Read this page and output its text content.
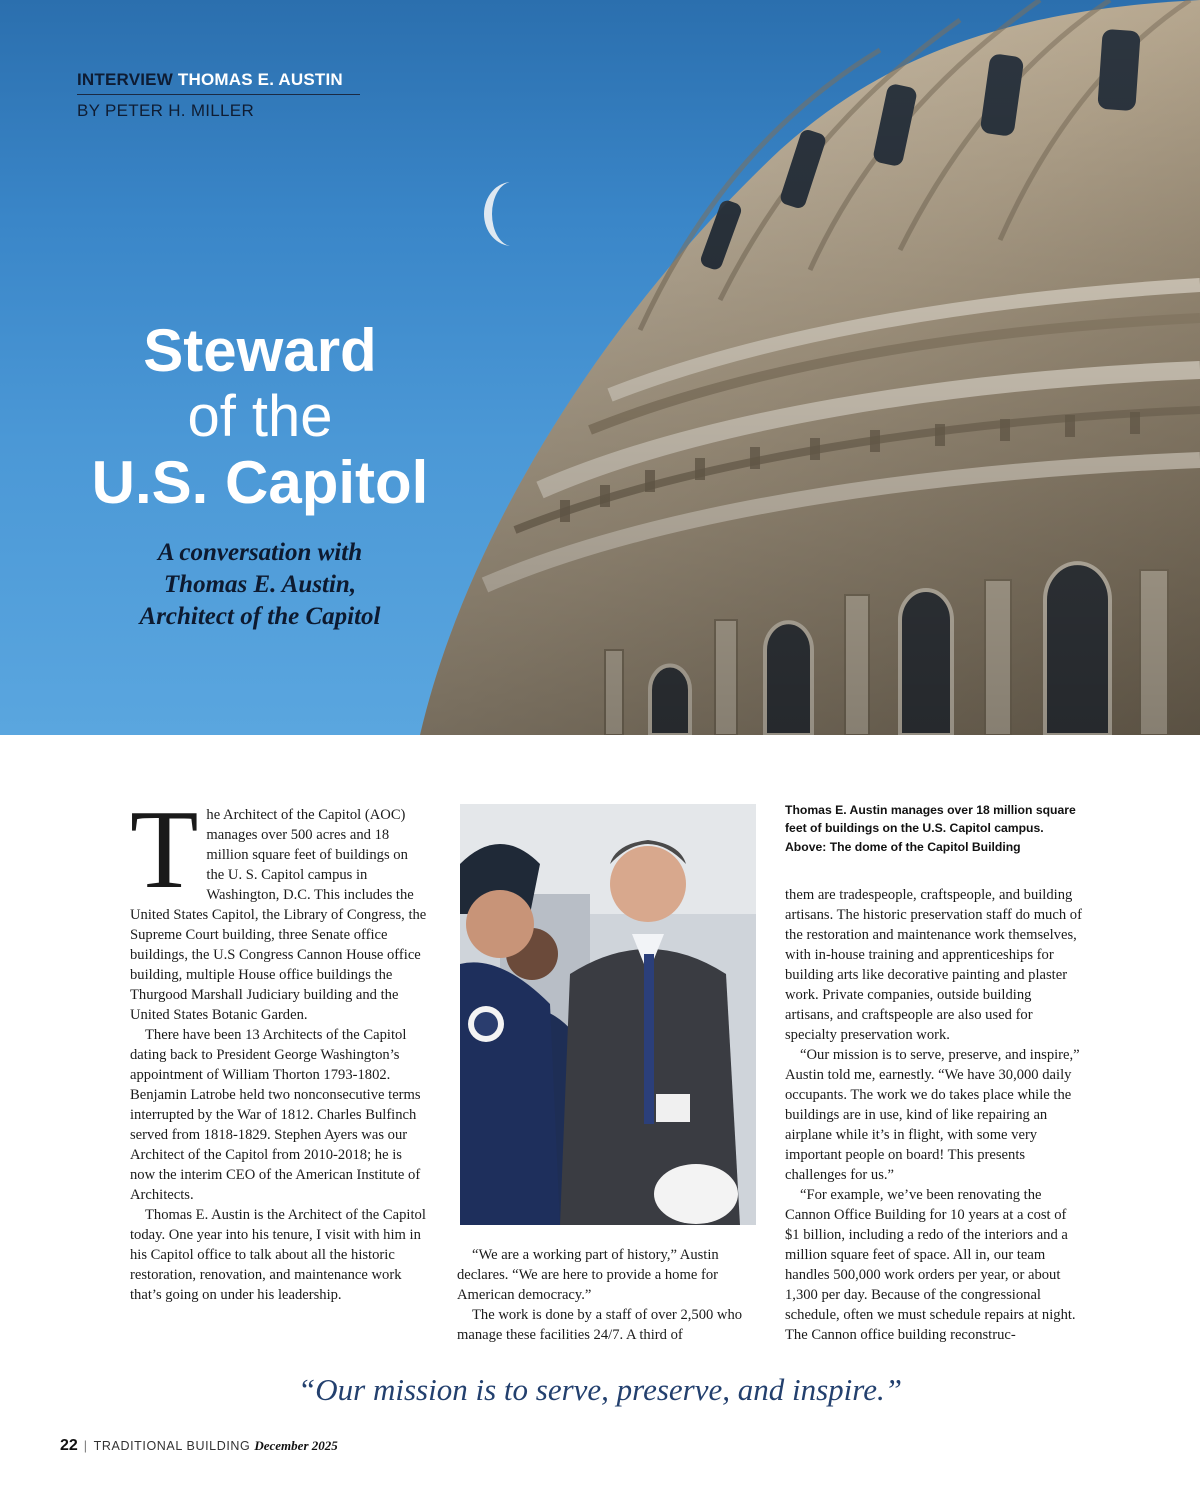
INTERVIEW THOMAS E. AUSTIN
BY PETER H. MILLER
Steward
of the
U.S. Capitol
A conversation with
Thomas E. Austin,
Architect of the Capitol

The Architect of the Capitol (AOC) manages over 500 acres and 18 million square feet of buildings on the U. S. Capitol campus in Washington, D.C. This includes the United States Capitol, the Library of Congress, the Supreme Court building, three Senate office buildings, the U.S Congress Cannon House office building, multiple House office buildings the Thurgood Marshall Judiciary building and the United States Botanic Garden.

There have been 13 Architects of the Capitol dating back to President George Washington’s appointment of William Thorton 1793-1802. Benjamin Latrobe held two nonconsecutive terms interrupted by the War of 1812. Charles Bulfinch served from 1818-1829. Stephen Ayers was our Architect of the Capitol from 2010-2018; he is now the interim CEO of the American Institute of Architects.

Thomas E. Austin is the Architect of the Capitol today. One year into his tenure, I visit with him in his Capitol office to talk about all the historic restoration, renovation, and maintenance work that’s going on under his leadership.

Thomas E. Austin manages over 18 million square feet of buildings on the U.S. Capitol campus. Above: The dome of the Capitol Building

“We are a working part of history,” Austin declares. “We are here to provide a home for American democracy.”

The work is done by a staff of over 2,500 who manage these facilities 24/7. A third of

them are tradespeople, craftspeople, and building artisans. The historic preservation staff do much of the restoration and maintenance work themselves, with in-house training and apprenticeships for building arts like decorative painting and plaster work. Private companies, outside building artisans, and craftspeople are also used for specialty preservation work.

“Our mission is to serve, preserve, and inspire,” Austin told me, earnestly. “We have 30,000 daily occupants. The work we do takes place while the buildings are in use, kind of like repairing an airplane while it’s in flight, with some very important people on board! This presents challenges for us.”

“For example, we’ve been renovating the Cannon Office Building for 10 years at a cost of $1 billion, including a redo of the interiors and a million square feet of space. All in, our team handles 500,000 work orders per year, or about 1,300 per day. Because of the congressional schedule, often we must schedule repairs at night. The Cannon office building reconstruc-

“Our mission is to serve, preserve, and inspire.”
22 | TRADITIONAL BUILDING December 2025
